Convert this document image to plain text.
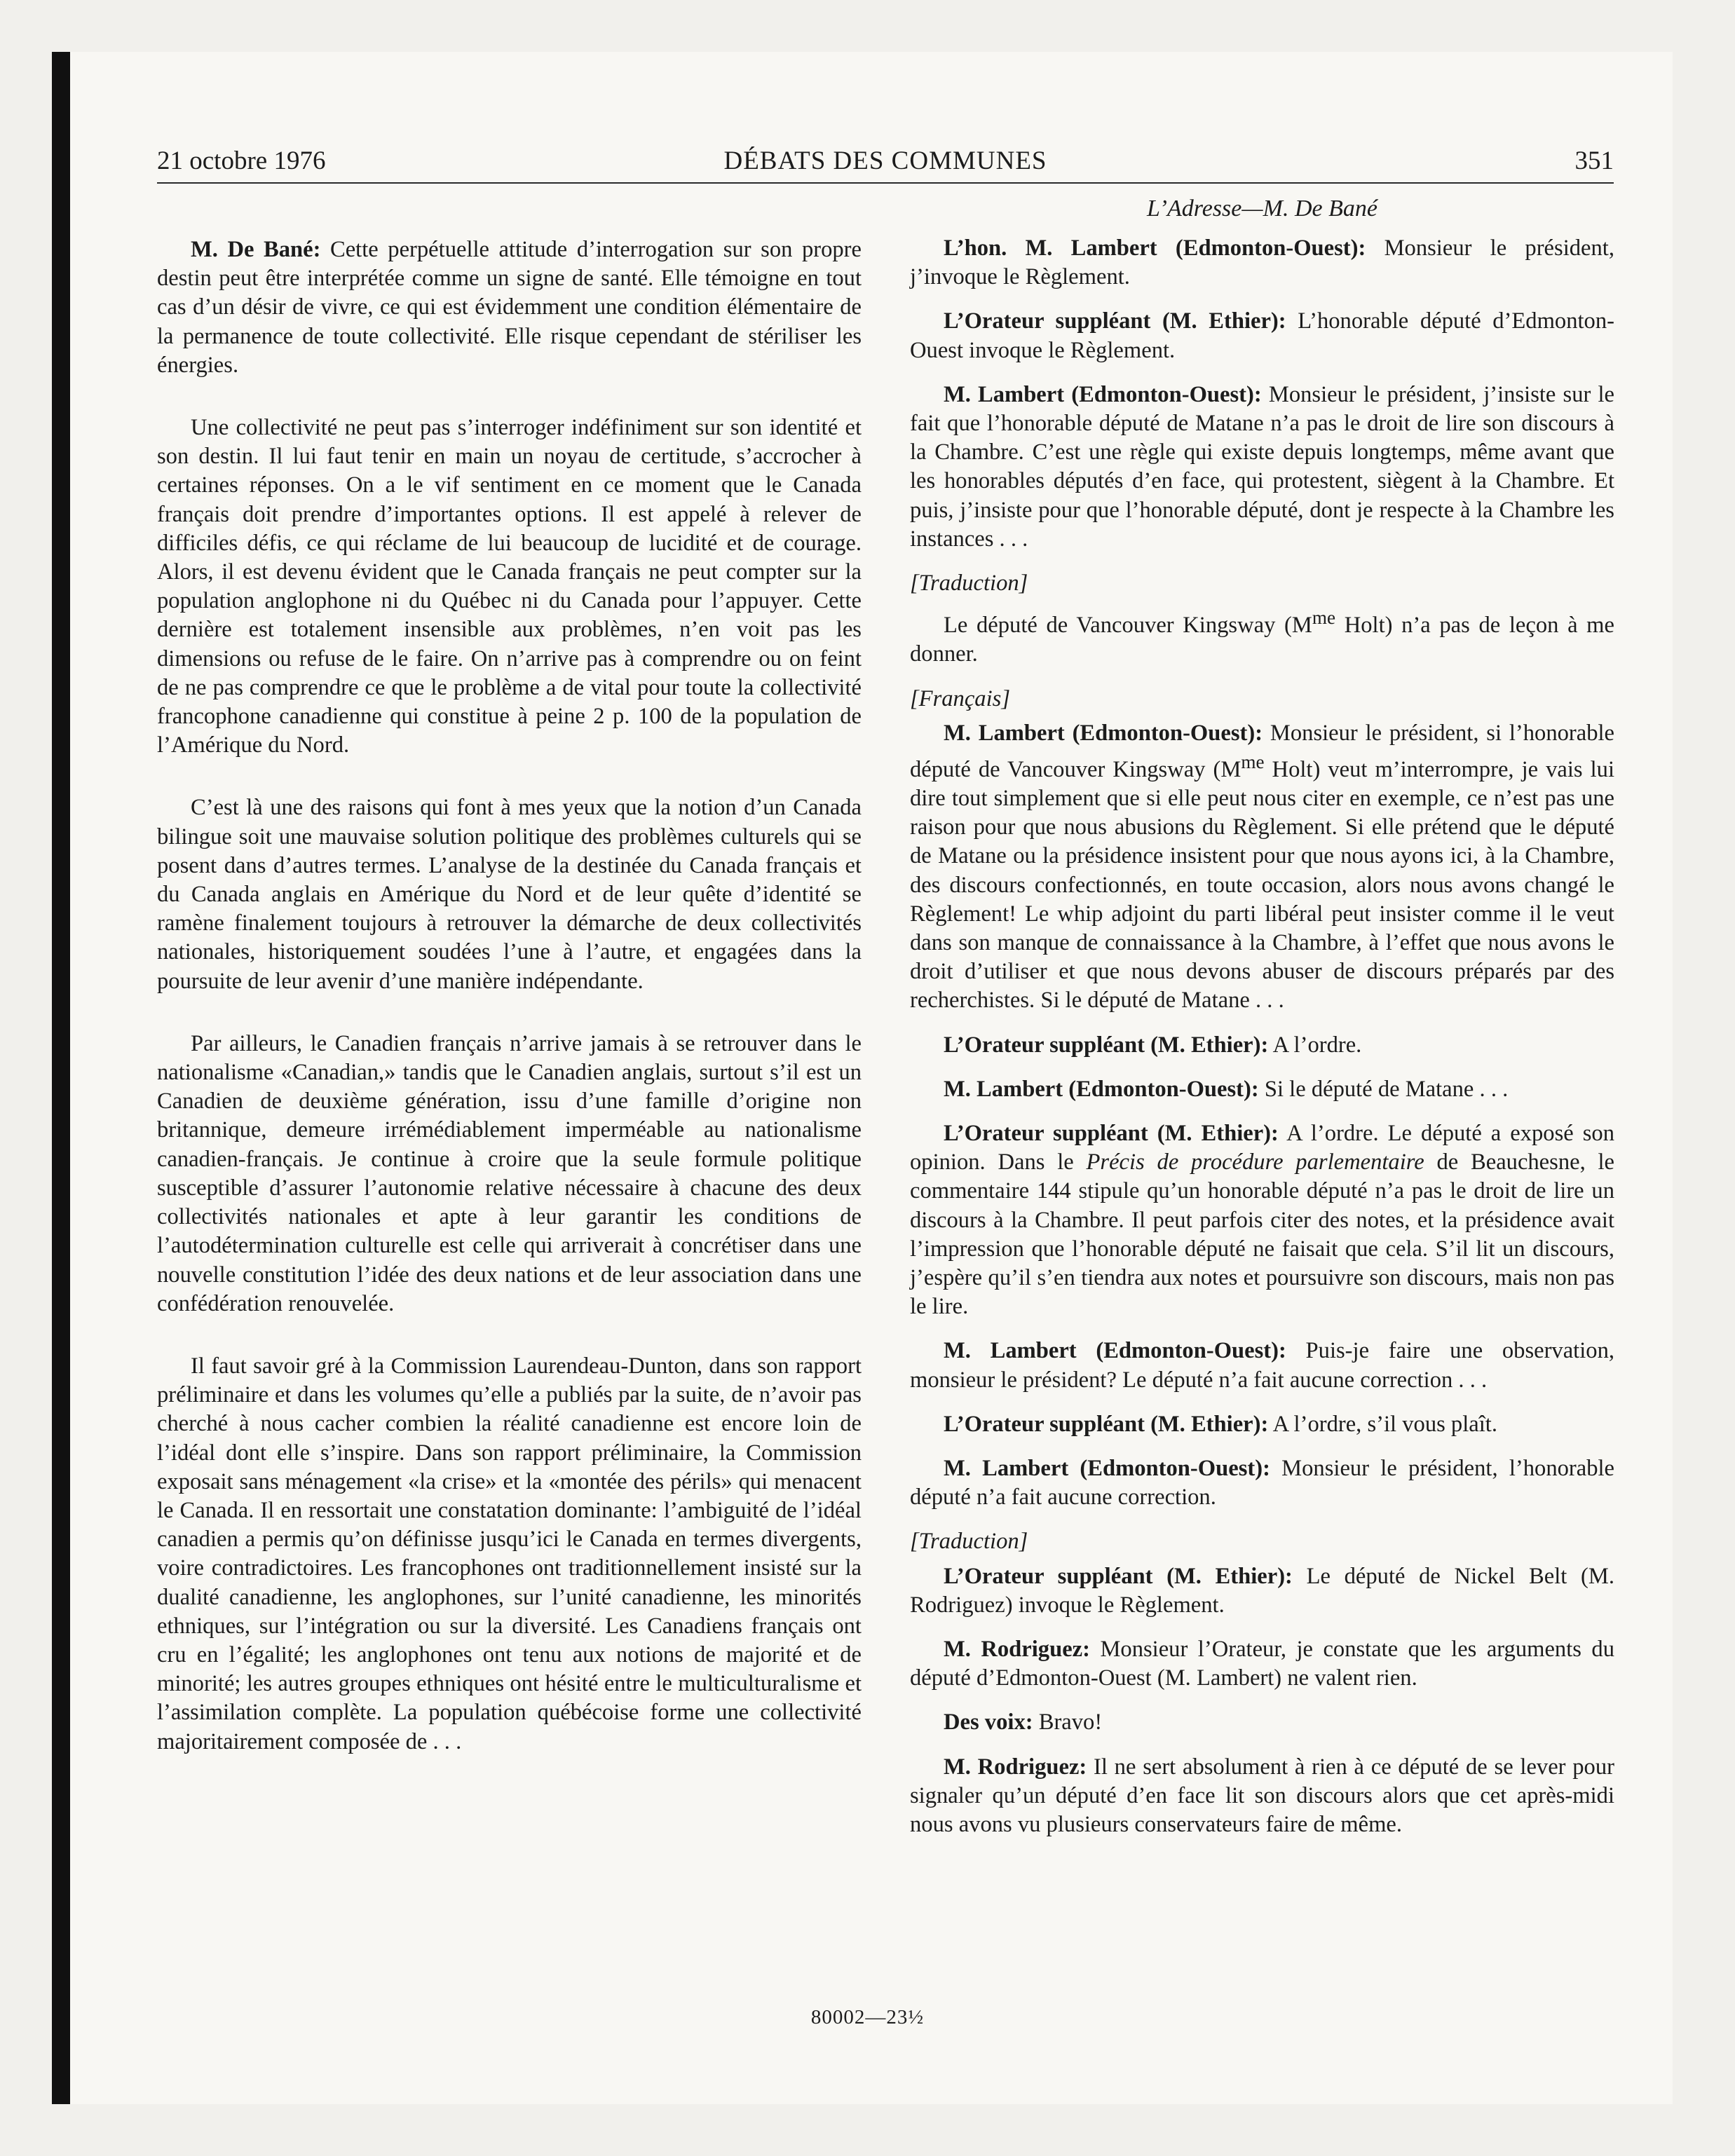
21 octobre 1976	DÉBATS DES COMMUNES	351

M. De Bané: Cette perpétuelle attitude d’interrogation sur son propre destin peut être interprétée comme un signe de santé. Elle témoigne en tout cas d’un désir de vivre, ce qui est évidemment une condition élémentaire de la permanence de toute collectivité. Elle risque cependant de stériliser les énergies.

Une collectivité ne peut pas s’interroger indéfiniment sur son identité et son destin. Il lui faut tenir en main un noyau de certitude, s’accrocher à certaines réponses. On a le vif sentiment en ce moment que le Canada français doit prendre d’importantes options. Il est appelé à relever de difficiles défis, ce qui réclame de lui beaucoup de lucidité et de courage. Alors, il est devenu évident que le Canada français ne peut compter sur la population anglophone ni du Québec ni du Canada pour l’appuyer. Cette dernière est totalement insensible aux problèmes, n’en voit pas les dimensions ou refuse de le faire. On n’arrive pas à comprendre ou on feint de ne pas comprendre ce que le problème a de vital pour toute la collectivité francophone canadienne qui constitue à peine 2 p. 100 de la population de l’Amérique du Nord.

C’est là une des raisons qui font à mes yeux que la notion d’un Canada bilingue soit une mauvaise solution politique des problèmes culturels qui se posent dans d’autres termes. L’analyse de la destinée du Canada français et du Canada anglais en Amérique du Nord et de leur quête d’identité se ramène finalement toujours à retrouver la démarche de deux collectivités nationales, historiquement soudées l’une à l’autre, et engagées dans la poursuite de leur avenir d’une manière indépendante.

Par ailleurs, le Canadien français n’arrive jamais à se retrouver dans le nationalisme «Canadian,» tandis que le Canadien anglais, surtout s’il est un Canadien de deuxième génération, issu d’une famille d’origine non britannique, demeure irrémédiablement imperméable au nationalisme canadien-français. Je continue à croire que la seule formule politique susceptible d’assurer l’autonomie relative nécessaire à chacune des deux collectivités nationales et apte à leur garantir les conditions de l’autodétermination culturelle est celle qui arriverait à concrétiser dans une nouvelle constitution l’idée des deux nations et de leur association dans une confédération renouvelée.

Il faut savoir gré à la Commission Laurendeau-Dunton, dans son rapport préliminaire et dans les volumes qu’elle a publiés par la suite, de n’avoir pas cherché à nous cacher combien la réalité canadienne est encore loin de l’idéal dont elle s’inspire. Dans son rapport préliminaire, la Commission exposait sans ménagement «la crise» et la «montée des périls» qui menacent le Canada. Il en ressortait une constatation dominante: l’ambiguité de l’idéal canadien a permis qu’on définisse jusqu’ici le Canada en termes divergents, voire contradictoires. Les francophones ont traditionnellement insisté sur la dualité canadienne, les anglophones, sur l’unité canadienne, les minorités ethniques, sur l’intégration ou sur la diversité. Les Canadiens français ont cru en l’égalité; les anglophones ont tenu aux notions de majorité et de minorité; les autres groupes ethniques ont hésité entre le multiculturalisme et l’assimilation complète. La population québécoise forme une collectivité majoritairement composée de . . .

L’Adresse—M. De Bané

L’hon. M. Lambert (Edmonton-Ouest): Monsieur le président, j’invoque le Règlement.

L’Orateur suppléant (M. Ethier): L’honorable député d’Edmonton-Ouest invoque le Règlement.

M. Lambert (Edmonton-Ouest): Monsieur le président, j’insiste sur le fait que l’honorable député de Matane n’a pas le droit de lire son discours à la Chambre. C’est une règle qui existe depuis longtemps, même avant que les honorables députés d’en face, qui protestent, siègent à la Chambre. Et puis, j’insiste pour que l’honorable député, dont je respecte à la Chambre les instances . . .

[Traduction]

Le député de Vancouver Kingsway ($M^{me}$ Holt) n’a pas de leçon à me donner.

[Français]

M. Lambert (Edmonton-Ouest): Monsieur le président, si l’honorable député de Vancouver Kingsway ($M^{me}$ Holt) veut m’interrompre, je vais lui dire tout simplement que si elle peut nous citer en exemple, ce n’est pas une raison pour que nous abusions du Règlement. Si elle prétend que le député de Matane ou la présidence insistent pour que nous ayons ici, à la Chambre, des discours confectionnés, en toute occasion, alors nous avons changé le Règlement! Le whip adjoint du parti libéral peut insister comme il le veut dans son manque de connaissance à la Chambre, à l’effet que nous avons le droit d’utiliser et que nous devons abuser de discours préparés par des recherchistes. Si le député de Matane . . .

L’Orateur suppléant (M. Ethier): A l’ordre.

M. Lambert (Edmonton-Ouest): Si le député de Matane . . .

L’Orateur suppléant (M. Ethier): A l’ordre. Le député a exposé son opinion. Dans le Précis de procédure parlementaire de Beauchesne, le commentaire 144 stipule qu’un honorable député n’a pas le droit de lire un discours à la Chambre. Il peut parfois citer des notes, et la présidence avait l’impression que l’honorable député ne faisait que cela. S’il lit un discours, j’espère qu’il s’en tiendra aux notes et poursuivre son discours, mais non pas le lire.

M. Lambert (Edmonton-Ouest): Puis-je faire une observation, monsieur le président? Le député n’a fait aucune correction . . .

L’Orateur suppléant (M. Ethier): A l’ordre, s’il vous plaît.

M. Lambert (Edmonton-Ouest): Monsieur le président, l’honorable député n’a fait aucune correction.

[Traduction]

L’Orateur suppléant (M. Ethier): Le député de Nickel Belt (M. Rodriguez) invoque le Règlement.

M. Rodriguez: Monsieur l’Orateur, je constate que les arguments du député d’Edmonton-Ouest (M. Lambert) ne valent rien.

Des voix: Bravo!

M. Rodriguez: Il ne sert absolument à rien à ce député de se lever pour signaler qu’un député d’en face lit son discours alors que cet après-midi nous avons vu plusieurs conservateurs faire de même.

80002—23½
